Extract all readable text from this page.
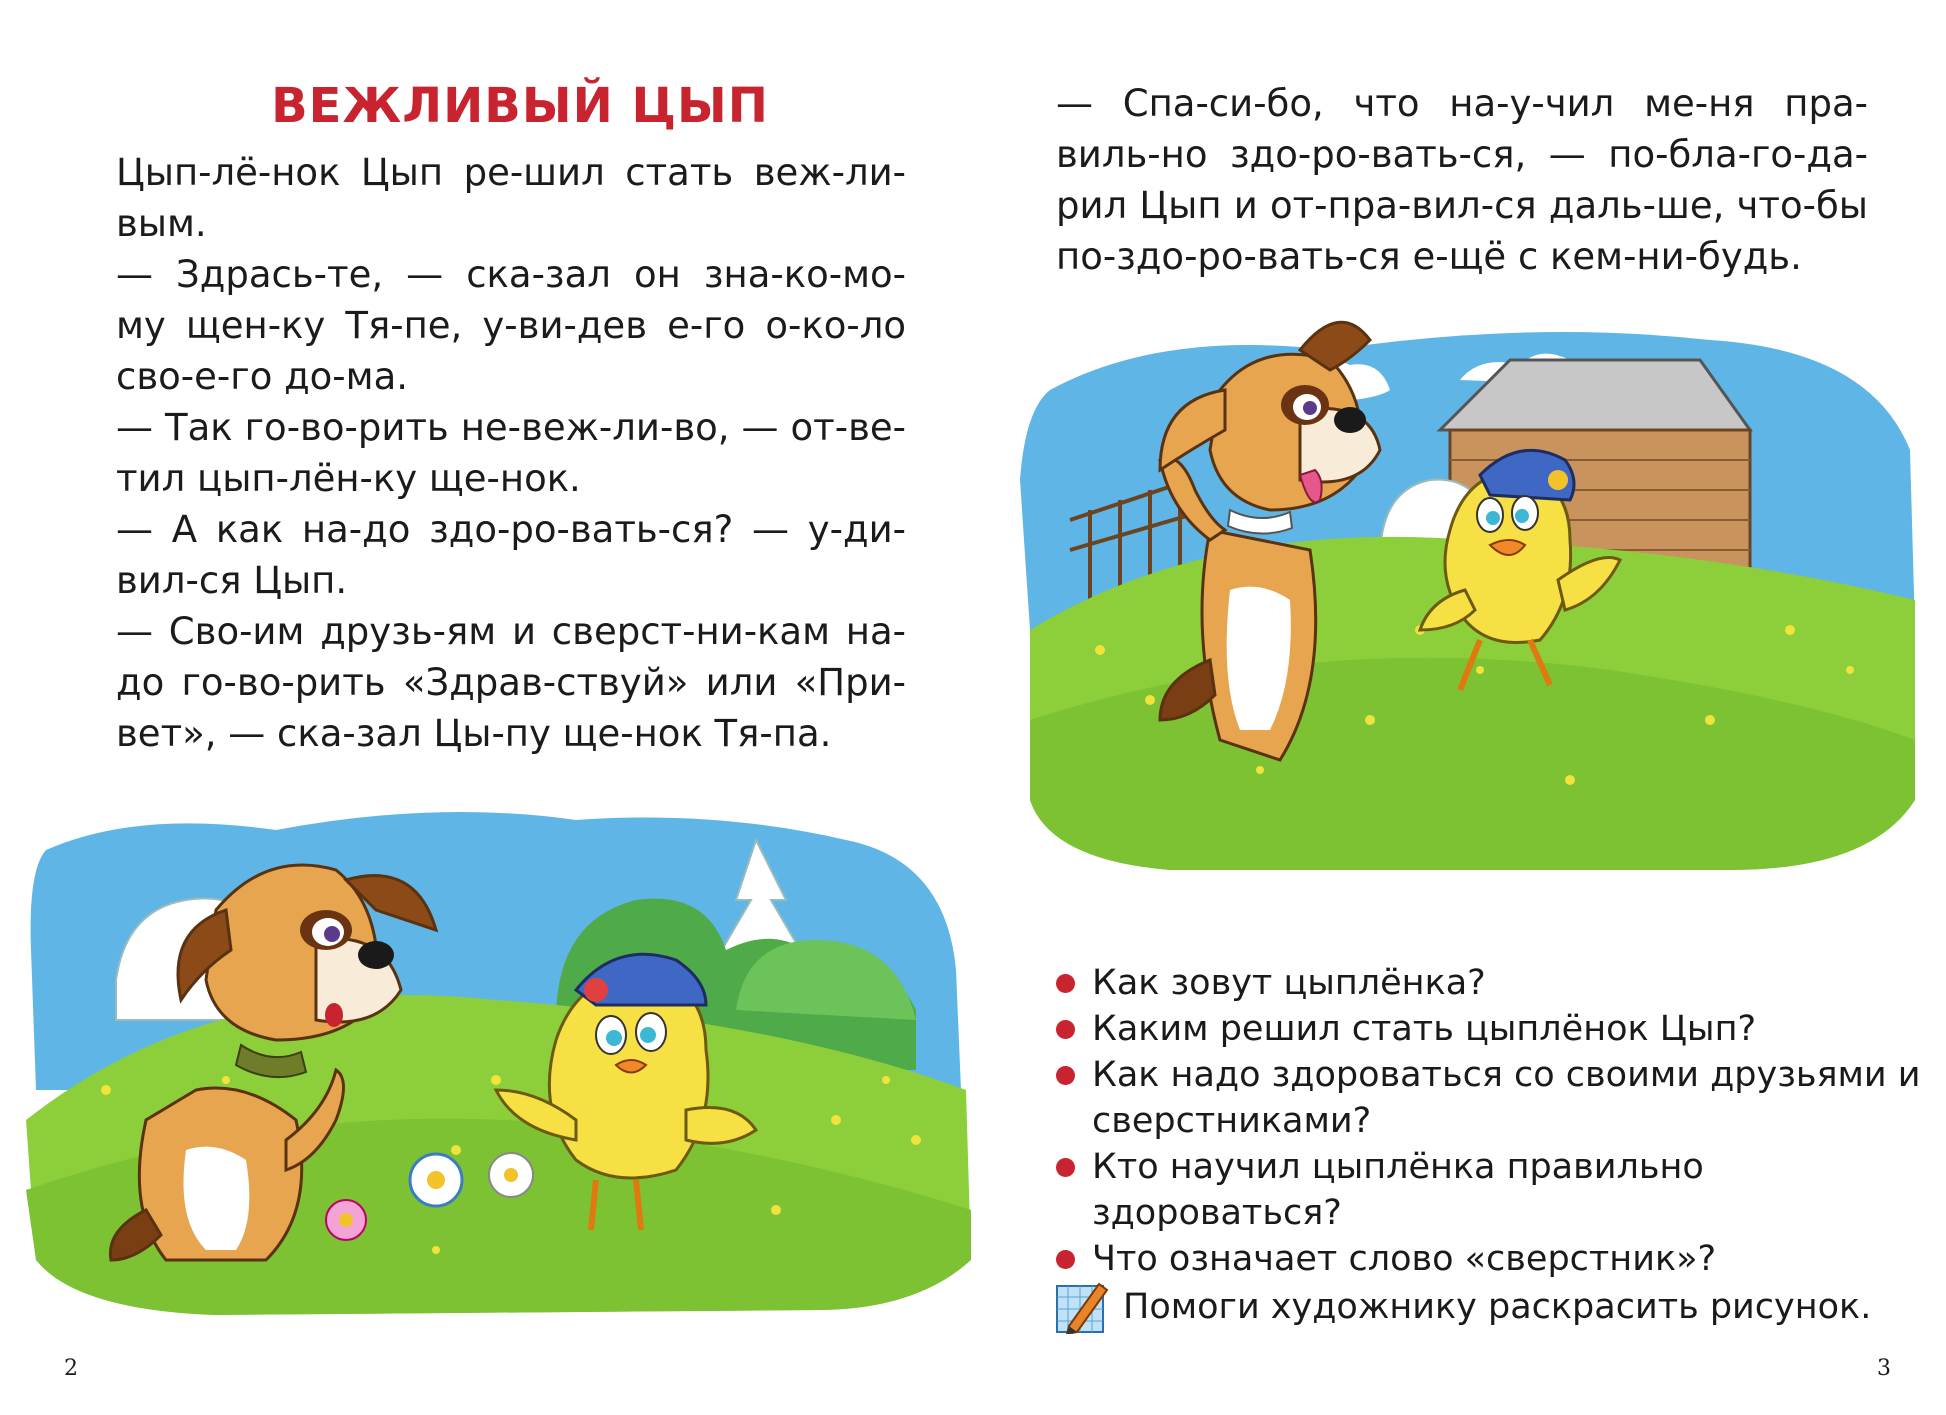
ВЕЖЛИВЫЙ ЦЫП
Цып-лё-нок Цып ре-шил стать веж-ли-
вым.
— Здрась-те, — ска-зал он зна-ко-мо-
му щен-ку Тя-пе, у-ви-дев е-го о-ко-ло
сво-е-го до-ма.
— Так го-во-рить не-веж-ли-во, — от-ве-
тил цып-лён-ку ще-нок.
— А как на-до здо-ро-вать-ся? — у-ди-
вил-ся Цып.
— Сво-им друзь-ям и сверст-ни-кам на-
до го-во-рить «Здрав-ствуй» или «При-
вет», — ска-зал Цы-пу ще-нок Тя-па.
2
— Спа-си-бо, что на-у-чил ме-ня пра-
виль-но здо-ро-вать-ся, — по-бла-го-да-
рил Цып и от-пра-вил-ся даль-ше, что-бы
по-здо-ро-вать-ся е-щё с кем-ни-будь.
Как зовут цыплёнка?
Каким решил стать цыплёнок Цып?
Как надо здороваться со своими друзьями и
сверстниками?
Кто научил цыплёнка правильно здороваться?
Что означает слово «сверстник»?
Помоги художнику раскрасить рисунок.
3
